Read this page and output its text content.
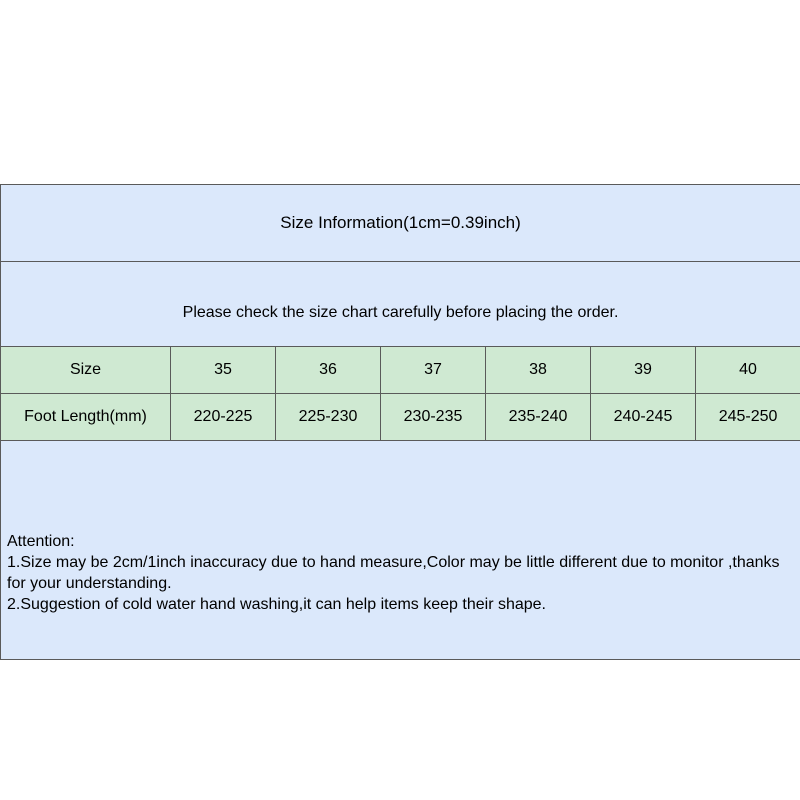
Size Information(1cm=0.39inch)						

Please check the size chart carefully before placing the order.						

Size	35	36	37	38	39	40
Foot Length(mm)	220-225	225-230	230-235	235-240	240-245	245-250

Attention:
1.Size may be 2cm/1inch inaccuracy due to hand measure,Color may be little different due to monitor ,thanks for your understanding.
2.Suggestion of cold water hand washing,it can help items keep their shape.						
